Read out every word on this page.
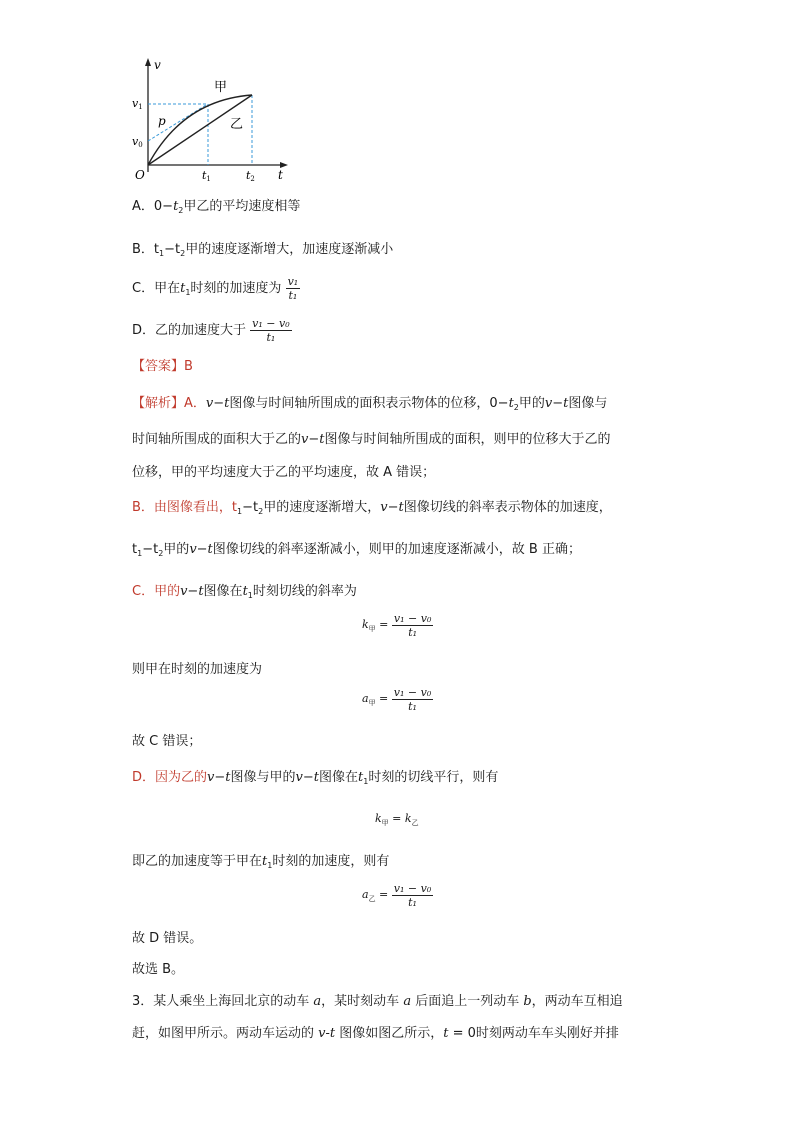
v
t
O
v1
v0
t1	t2
p
甲
乙
A．$0-t_2$甲乙的平均速度相等
B．$t_1-t_2$甲的速度逐渐增大，加速度逐渐减小
C．甲在$t_1$时刻的加速度为 $\frac{\text{v₁}}{\text{t₁}}$
D．乙的加速度大于 $\frac{\text{v₁ − v₀}}{\text{t₁}}$
【答案】B
【解析】A．v−t图像与时间轴所围成的面积表示物体的位移，$0-t_2$甲的v−t图像与
时间轴所围成的面积大于乙的v−t图像与时间轴所围成的面积，则甲的位移大于乙的
位移，甲的平均速度大于乙的平均速度，故 A 错误；
B．由图像看出，$t_1-t_2$甲的速度逐渐增大，v−t图像切线的斜率表示物体的加速度，
$t_1-t_2$甲的v−t图像切线的斜率逐渐减小，则甲的加速度逐渐减小，故 B 正确；
C．甲的v−t图像在$t_1$时刻切线的斜率为
$k_甲 = \frac{\text{v₁ − v₀}}{\text{t₁}}$
则甲在时刻的加速度为
$a_甲 = \frac{\text{v₁ − v₀}}{\text{t₁}}$
故 C 错误；
D．因为乙的v−t图像与甲的v−t图像在$t_1$时刻的切线平行，则有
$k_甲 = k_乙$
即乙的加速度等于甲在$t_1$时刻的加速度，则有
$a_乙 = \frac{\text{v₁ − v₀}}{\text{t₁}}$
故 D 错误。
故选 B。
3．某人乘坐上海回北京的动车 a，某时刻动车 a 后面追上一列动车 b，两动车互相追
赶，如图甲所示。两动车运动的 v-t 图像如图乙所示，t = 0时刻两动车车头刚好并排
